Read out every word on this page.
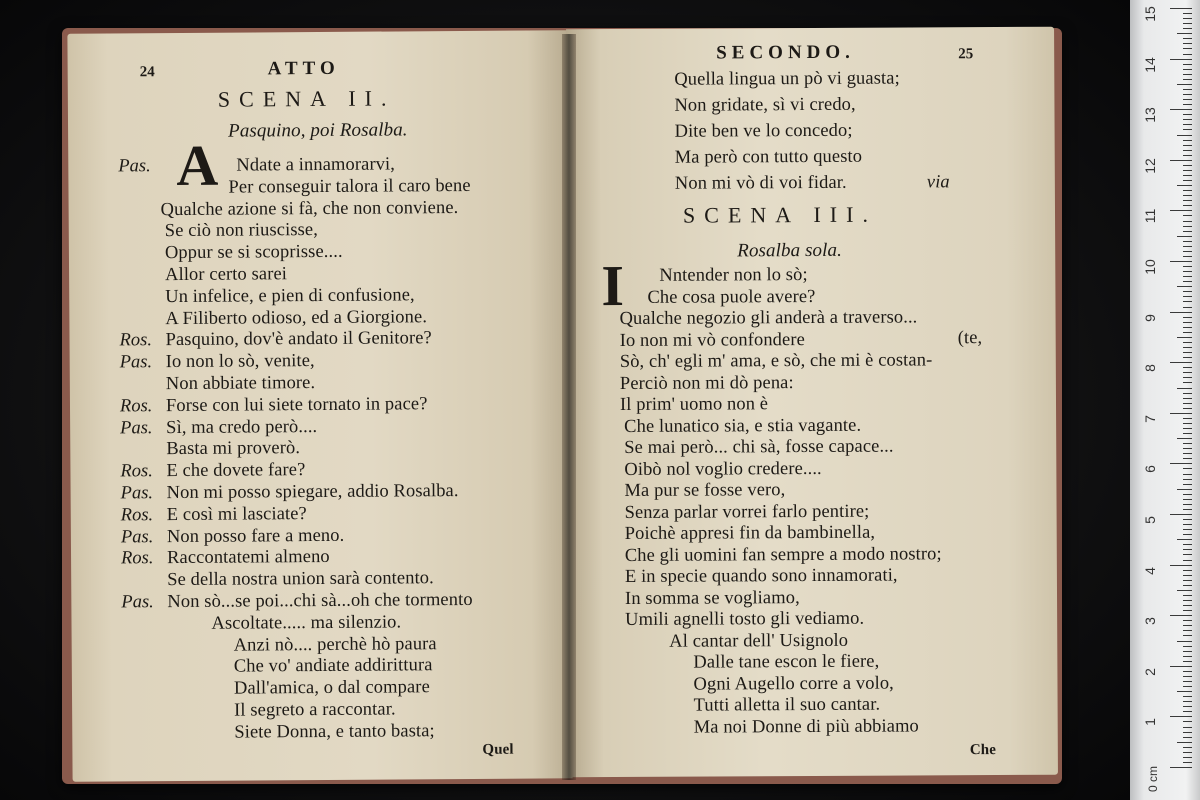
24	ATTO
SCENA II.
Pasquino, poi Rosalba.
A
Pas.	Ndate a innamorarvi,
Per conseguir talora il caro bene
Qualche azione si fà, che non conviene.
Se ciò non riuscisse,
Oppur se si scoprisse....
Allor certo sarei
Un infelice, e pien di confusione,
A Filiberto odioso, ed a Giorgione.
Ros. Pasquino, dov'è andato il Genitore?
Pas. Io non lo sò, venite,
Non abbiate timore.
Ros. Forse con lui siete tornato in pace?
Pas. Sì, ma credo però....
Basta mi proverò.
Ros. E che dovete fare?
Pas. Non mi posso spiegare, addio Rosalba.
Ros. E così mi lasciate?
Pas. Non posso fare a meno.
Ros. Raccontatemi almeno
Se della nostra union sarà contento.
Pas. Non sò...se poi...chi sà...oh che tormento
Ascoltate..... ma silenzio.
Anzi nò.... perchè hò paura
Che vo' andiate addirittura
Dall'amica, o dal compare
Il segreto a raccontar.
Siete Donna, e tanto basta;
Quel
SECONDO.	25
Quella lingua un pò vi guasta;
Non gridate, sì vi credo,
Dite ben ve lo concedo;
Ma però con tutto questo
Non mi vò di voi fidar.	via
SCENA III.
Rosalba sola.
I Nntender non lo sò;
Che cosa puole avere?
Qualche negozio gli anderà a traverso...
Io non mi vò confondere
Sò, ch' egli m' ama, e sò, che mi è costan-
Perciò non mi dò pena:
Il prim' uomo non è
Che lunatico sia, e stia vagante.
Se mai però... chi sà, fosse capace...
Oibò nol voglio credere....
Ma pur se fosse vero,
Senza parlar vorrei farlo pentire;
Poichè appresi fin da bambinella,
Che gli uomini fan sempre a modo nostro;
E in specie quando sono innamorati,
In somma se vogliamo,
Umili agnelli tosto gli vediamo.
Al cantar dell' Usignolo
Dalle tane escon le fiere,
Ogni Augello corre a volo,
Tutti alletta il suo cantar.
Ma noi Donne di più abbiamo
(te,
Che
15
14
13
12
11
10
9
8
7
6
5
4
3
2
1
0 cm
